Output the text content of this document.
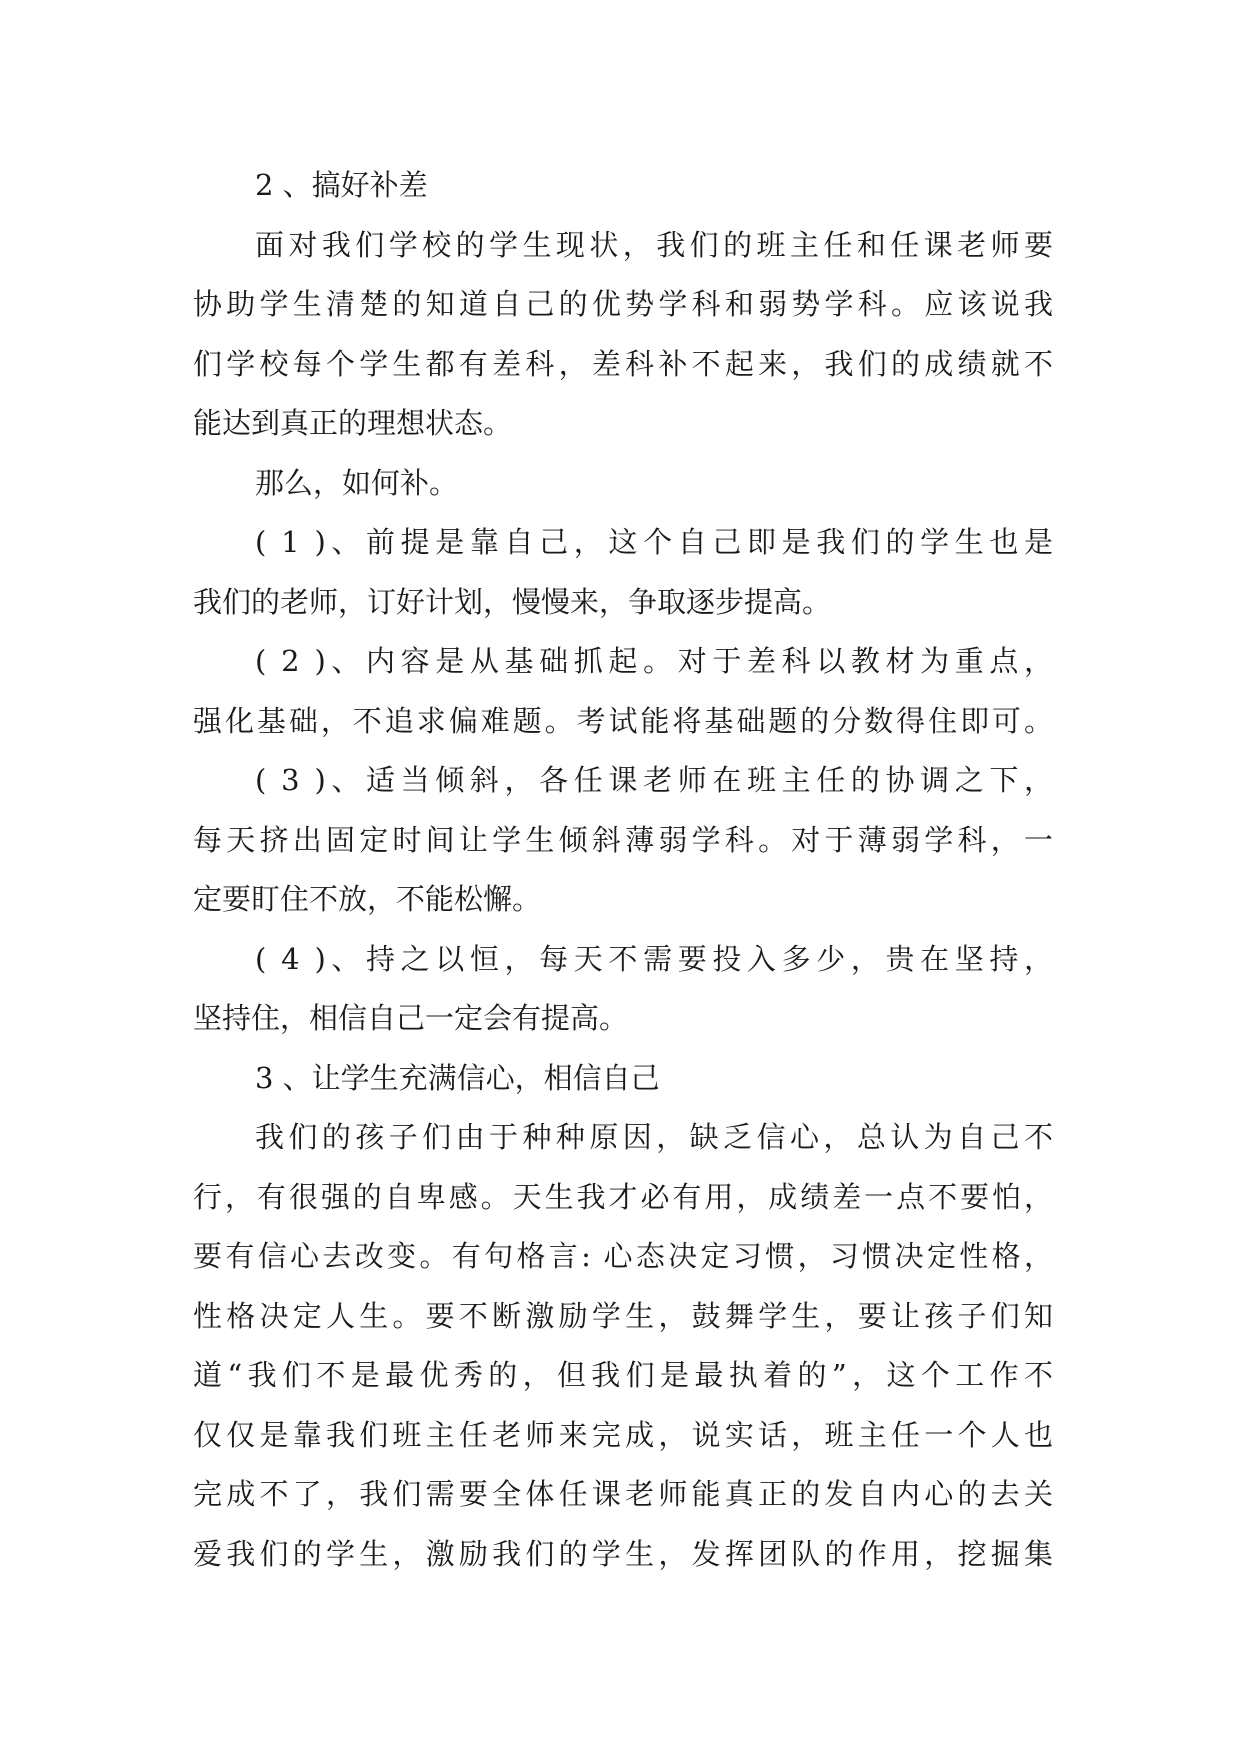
2 、搞好补差
面对我们学校的学生现状，我们的班主任和任课老师要
协助学生清楚的知道自己的优势学科和弱势学科。应该说我
们学校每个学生都有差科，差科补不起来，我们的成绩就不
能达到真正的理想状态。
那么，如何补。
( 1 )、前提是靠自己，这个自己即是我们的学生也是
我们的老师，订好计划，慢慢来，争取逐步提高。
( 2 )、内容是从基础抓起。对于差科以教材为重点，
强化基础，不追求偏难题。考试能将基础题的分数得住即可。
( 3 )、适当倾斜，各任课老师在班主任的协调之下，
每天挤出固定时间让学生倾斜薄弱学科。对于薄弱学科，一
定要盯住不放，不能松懈。
( 4 )、持之以恒，每天不需要投入多少，贵在坚持，
坚持住，相信自己一定会有提高。
3 、让学生充满信心，相信自己
我们的孩子们由于种种原因，缺乏信心，总认为自己不
行，有很强的自卑感。天生我才必有用，成绩差一点不要怕，
要有信心去改变。有句格言: 心态决定习惯，习惯决定性格，
性格决定人生。要不断激励学生，鼓舞学生，要让孩子们知
道“我们不是最优秀的，但我们是最执着的”，这个工作不
仅仅是靠我们班主任老师来完成，说实话，班主任一个人也
完成不了，我们需要全体任课老师能真正的发自内心的去关
爱我们的学生，激励我们的学生，发挥团队的作用，挖掘集
